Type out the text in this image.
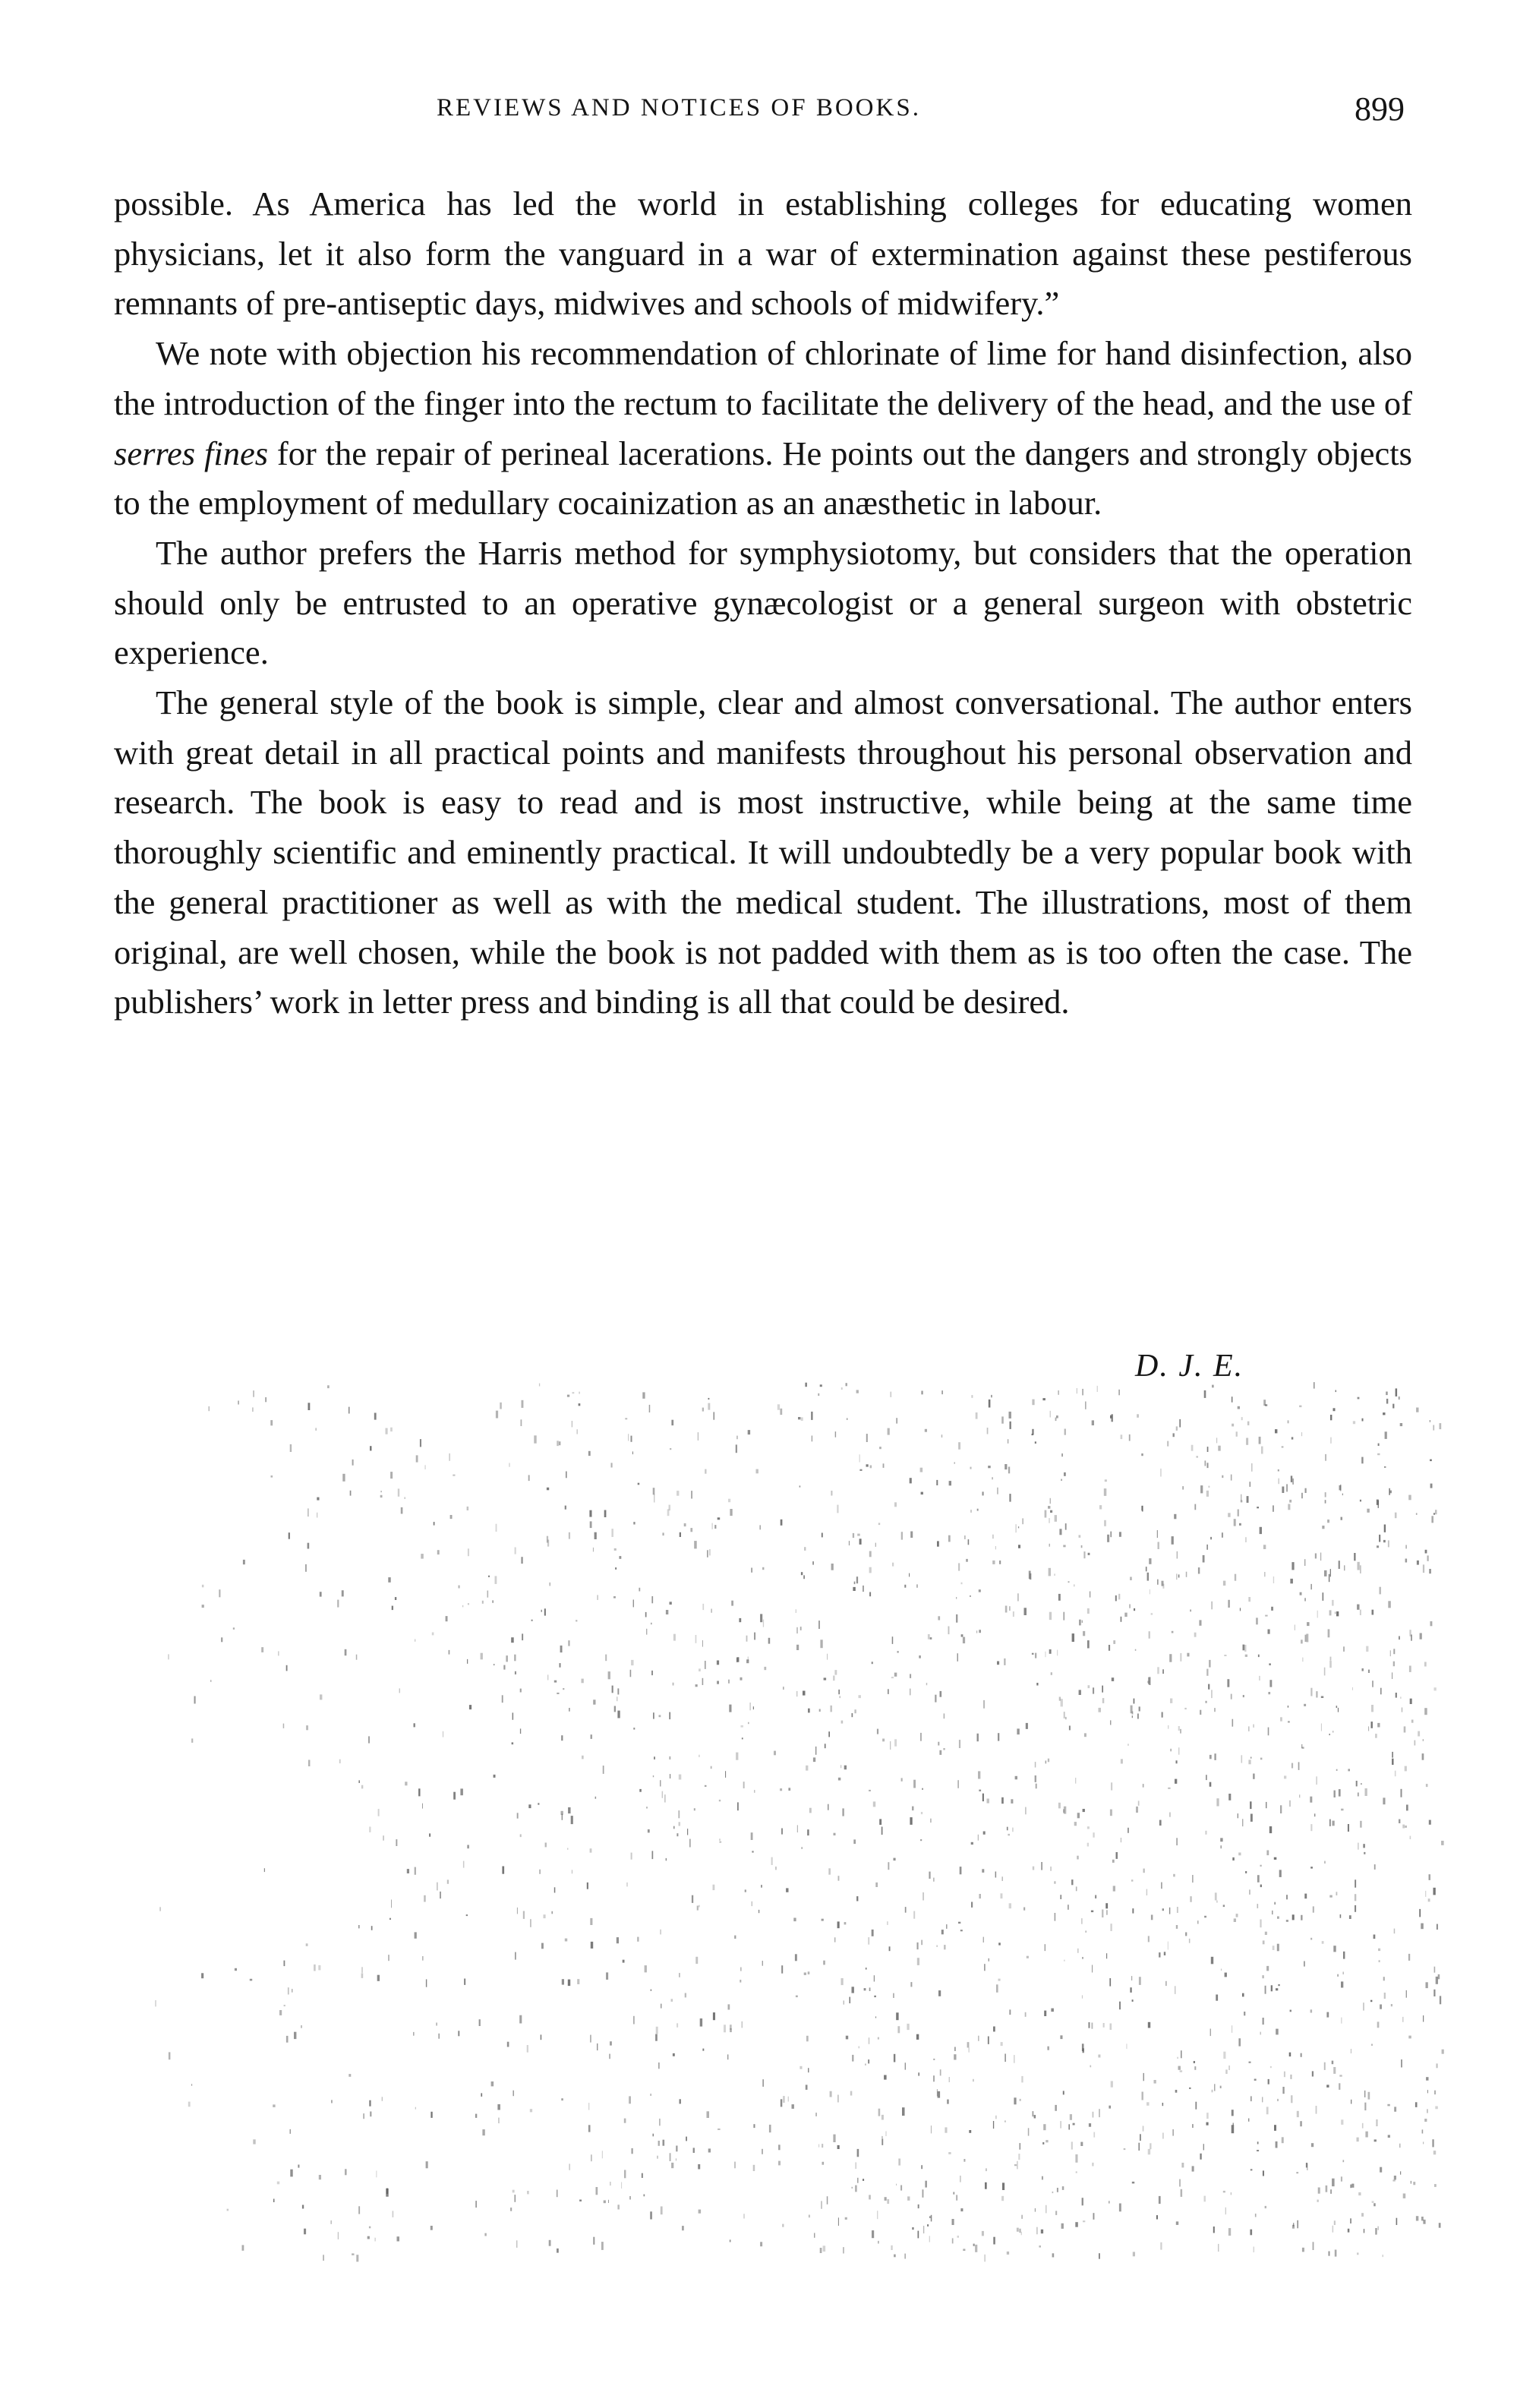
REVIEWS AND NOTICES OF BOOKS.	899

possible. As America has led the world in establishing colleges for educating women physicians, let it also form the vanguard in a war of extermination against these pestiferous remnants of pre-antiseptic days, midwives and schools of midwifery.”

We note with objection his recommendation of chlorinate of lime for hand disinfection, also the introduction of the finger into the rectum to facilitate the delivery of the head, and the use of serres fines for the repair of perineal lacerations. He points out the dangers and strongly objects to the employment of medullary cocainization as an anæsthetic in labour.

The author prefers the Harris method for symphysiotomy, but considers that the operation should only be entrusted to an operative gynæcologist or a general surgeon with obstetric experience.

The general style of the book is simple, clear and almost conversational. The author enters with great detail in all practical points and manifests throughout his personal observation and research. The book is easy to read and is most instructive, while being at the same time thoroughly scientific and eminently practical. It will undoubtedly be a very popular book with the general practitioner as well as with the medical student. The illustrations, most of them original, are well chosen, while the book is not padded with them as is too often the case. The publishers’ work in letter press and binding is all that could be desired.

D. J. E.
